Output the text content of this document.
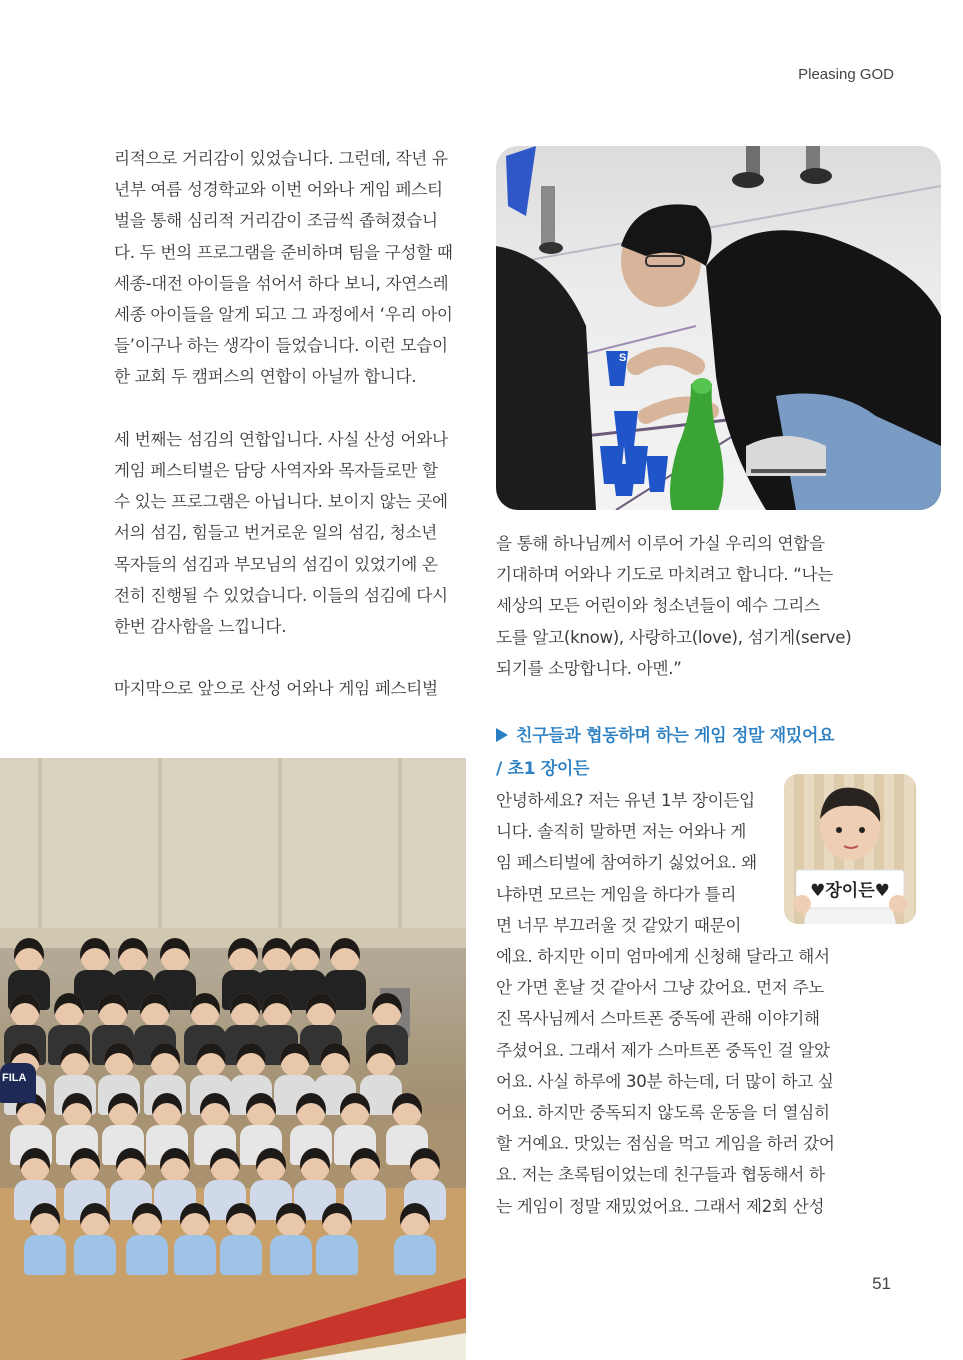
Pleasing GOD

리적으로 거리감이 있었습니다. 그런데, 작년 유

년부 여름 성경학교와 이번 어와나 게임 페스티

벌을 통해 심리적 거리감이 조금씩 좁혀졌습니

다. 두 번의 프로그램을 준비하며 팀을 구성할 때

세종-대전 아이들을 섞어서 하다 보니, 자연스레

세종 아이들을 알게 되고 그 과정에서 ‘우리 아이

들’이구나 하는 생각이 들었습니다. 이런 모습이

한 교회 두 캠퍼스의 연합이 아닐까 합니다.

세 번째는 섬김의 연합입니다. 사실 산성 어와나

게임 페스티벌은 담당 사역자와 목자들로만 할

수 있는 프로그램은 아닙니다. 보이지 않는 곳에

서의 섬김, 힘들고 번거로운 일의 섬김, 청소년

목자들의 섬김과 부모님의 섬김이 있었기에 온

전히 진행될 수 있었습니다. 이들의 섬김에 다시

한번 감사함을 느낍니다.

마지막으로 앞으로 산성 어와나 게임 페스티벌

S

을 통해 하나님께서 이루어 가실 우리의 연합을

기대하며 어와나 기도로 마치려고 합니다. “나는

세상의 모든 어린이와 청소년들이 예수 그리스

도를 알고(know), 사랑하고(love), 섬기게(serve)

되기를 소망합니다. 아멘.”

친구들과 협동하며 하는 게임 정말 재밌어요
/ 초1 장이든
♥장이든♥

안녕하세요? 저는 유년 1부 장이든입

니다. 솔직히 말하면 저는 어와나 게

임 페스티벌에 참여하기 싫었어요. 왜

냐하면 모르는 게임을 하다가 틀리

면 너무 부끄러울 것 같았기 때문이

에요. 하지만 이미 엄마에게 신청해 달라고 해서

안 가면 혼날 것 같아서 그냥 갔어요. 먼저 주노

진 목사님께서 스마트폰 중독에 관해 이야기해

주셨어요. 그래서 제가 스마트폰 중독인 걸 알았

어요. 사실 하루에 30분 하는데, 더 많이 하고 싶

어요. 하지만 중독되지 않도록 운동을 더 열심히

할 거예요. 맛있는 점심을 먹고 게임을 하러 갔어

요. 저는 초록팀이었는데 친구들과 협동해서 하

는 게임이 정말 재밌었어요. 그래서 제2회 산성

FILA
51
